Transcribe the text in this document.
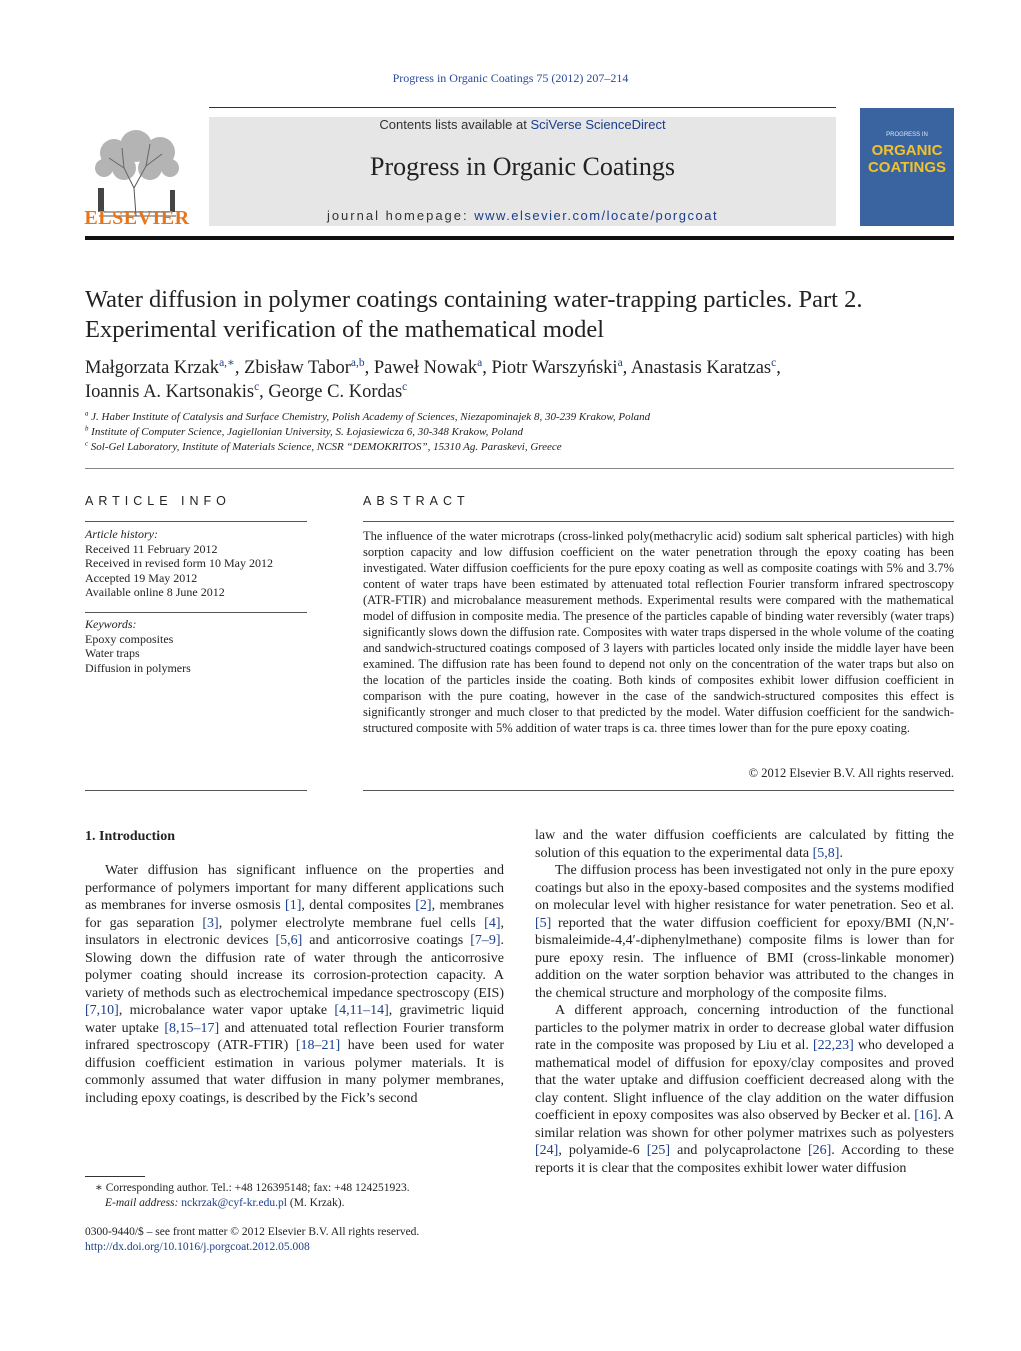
Progress in Organic Coatings 75 (2012) 207–214
ELSEVIER
Contents lists available at SciVerse ScienceDirect
Progress in Organic Coatings
journal homepage: www.elsevier.com/locate/porgcoat
PROGRESS IN
ORGANIC
COATINGS
Water diffusion in polymer coatings containing water-trapping particles. Part 2.
Experimental verification of the mathematical model
Małgorzata Krzak$^{a,∗}$, Zbisław Tabor$^{a,b}$, Paweł Nowak$^a$, Piotr Warszyński$^a$, Anastasis Karatzas$^c$,
Ioannis A. Kartsonakis$^c$, George C. Kordas$^c$
$^a$ J. Haber Institute of Catalysis and Surface Chemistry, Polish Academy of Sciences, Niezapominajek 8, 30-239 Krakow, Poland
$^b$ Institute of Computer Science, Jagiellonian University, S. Łojasiewicza 6, 30-348 Krakow, Poland
$^c$ Sol-Gel Laboratory, Institute of Materials Science, NCSR “DEMOKRITOS”, 15310 Ag. Paraskevi, Greece
ARTICLE INFO
Article history:
Received 11 February 2012
Received in revised form 10 May 2012
Accepted 19 May 2012
Available online 8 June 2012
Keywords:
Epoxy composites
Water traps
Diffusion in polymers
ABSTRACT
The influence of the water microtraps (cross-linked poly(methacrylic acid) sodium salt spherical particles) with high sorption capacity and low diffusion coefficient on the water penetration through the epoxy coating has been investigated. Water diffusion coefficients for the pure epoxy coating as well as composite coatings with 5% and 3.7% content of water traps have been estimated by attenuated total reflection Fourier transform infrared spectroscopy (ATR-FTIR) and microbalance measurement methods. Experimental results were compared with the mathematical model of diffusion in composite media. The presence of the particles capable of binding water reversibly (water traps) significantly slows down the diffusion rate. Composites with water traps dispersed in the whole volume of the coating and sandwich-structured coatings composed of 3 layers with particles located only inside the middle layer have been examined. The diffusion rate has been found to depend not only on the concentration of the water traps but also on the location of the particles inside the coating. Both kinds of composites exhibit lower diffusion coefficient in comparison with the pure coating, however in the case of the sandwich-structured composites this effect is significantly stronger and much closer to that predicted by the model. Water diffusion coefficient for the sandwich-structured composite with 5% addition of water traps is ca. three times lower than for the pure epoxy coating.
© 2012 Elsevier B.V. All rights reserved.
1. Introduction

Water diffusion has significant influence on the properties and performance of polymers important for many different applications such as membranes for inverse osmosis [1], dental composites [2], membranes for gas separation [3], polymer electrolyte membrane fuel cells [4], insulators in electronic devices [5,6] and anticorrosive coatings [7–9]. Slowing down the diffusion rate of water through the anticorrosive polymer coating should increase its corrosion-protection capacity. A variety of methods such as electrochemical impedance spectroscopy (EIS) [7,10], microbalance water vapor uptake [4,11–14], gravimetric liquid water uptake [8,15–17] and attenuated total reflection Fourier transform infrared spectroscopy (ATR-FTIR) [18–21] have been used for water diffusion coefficient estimation in various polymer materials. It is commonly assumed that water diffusion in many polymer membranes, including epoxy coatings, is described by the Fick’s second

law and the water diffusion coefficients are calculated by fitting the solution of this equation to the experimental data [5,8].

The diffusion process has been investigated not only in the pure epoxy coatings but also in the epoxy-based composites and the systems modified on molecular level with higher resistance for water penetration. Seo et al. [5] reported that the water diffusion coefficient for epoxy/BMI (N,N′-bismaleimide-4,4′-diphenylmethane) composite films is lower than for pure epoxy resin. The influence of BMI (cross-linkable monomer) addition on the water sorption behavior was attributed to the changes in the chemical structure and morphology of the composite films.

A different approach, concerning introduction of the functional particles to the polymer matrix in order to decrease global water diffusion rate in the composite was proposed by Liu et al. [22,23] who developed a mathematical model of diffusion for epoxy/clay composites and proved that the water uptake and diffusion coefficient decreased along with the clay content. Slight influence of the clay addition on the water diffusion coefficient in epoxy composites was also observed by Becker et al. [16]. A similar relation was shown for other polymer matrixes such as polyesters [24], polyamide-6 [25] and polycaprolactone [26]. According to these reports it is clear that the composites exhibit lower water diffusion

∗ Corresponding author. Tel.: +48 126395148; fax: +48 124251923.
E-mail address: nckrzak@cyf-kr.edu.pl (M. Krzak).
0300-9440/$ – see front matter © 2012 Elsevier B.V. All rights reserved.
http://dx.doi.org/10.1016/j.porgcoat.2012.05.008
